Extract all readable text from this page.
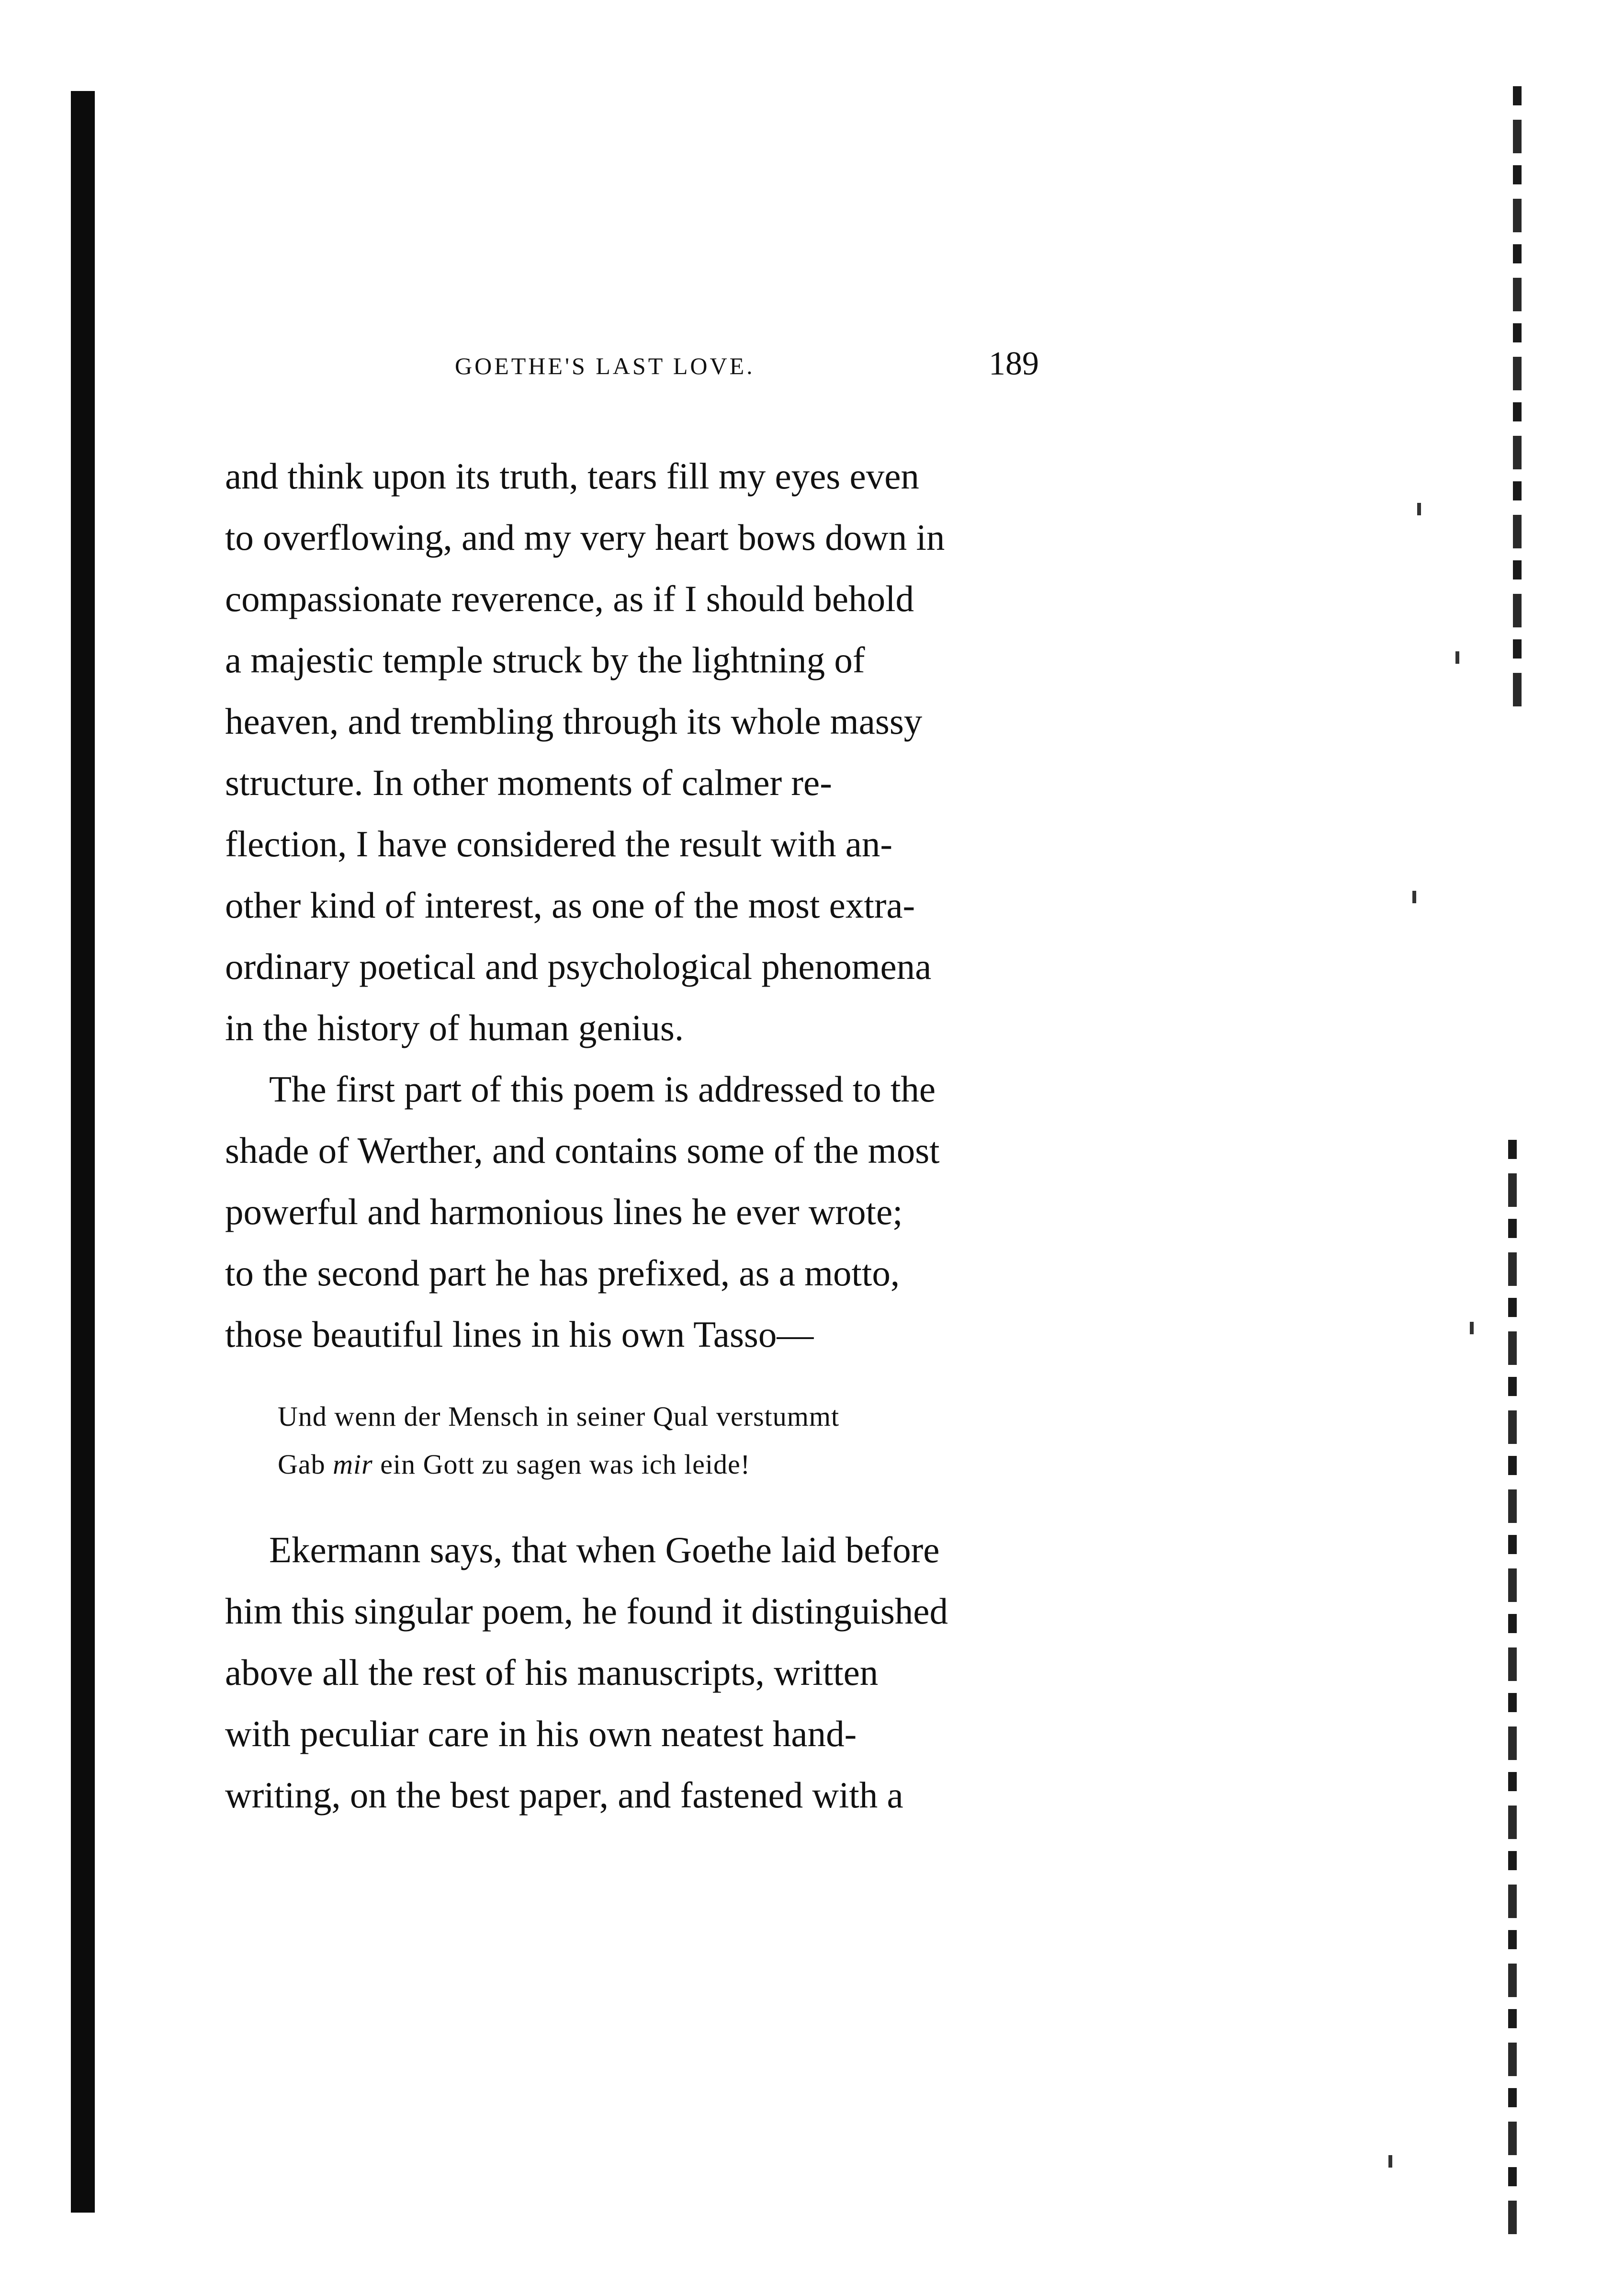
GOETHE'S LAST LOVE.	189
and think upon its truth, tears fill my eyes even
to overflowing, and my very heart bows down in
compassionate reverence, as if I should behold
a majestic temple struck by the lightning of
heaven, and trembling through its whole massy
structure. In other moments of calmer re-
flection, I have considered the result with an-
other kind of interest, as one of the most extra-
ordinary poetical and psychological phenomena
in the history of human genius.
The first part of this poem is addressed to the
shade of Werther, and contains some of the most
powerful and harmonious lines he ever wrote;
to the second part he has prefixed, as a motto,
those beautiful lines in his own Tasso—
Und wenn der Mensch in seiner Qual verstummt
Gab mir ein Gott zu sagen was ich leide!
Ekermann says, that when Goethe laid before
him this singular poem, he found it distinguished
above all the rest of his manuscripts, written
with peculiar care in his own neatest hand-
writing, on the best paper, and fastened with a
